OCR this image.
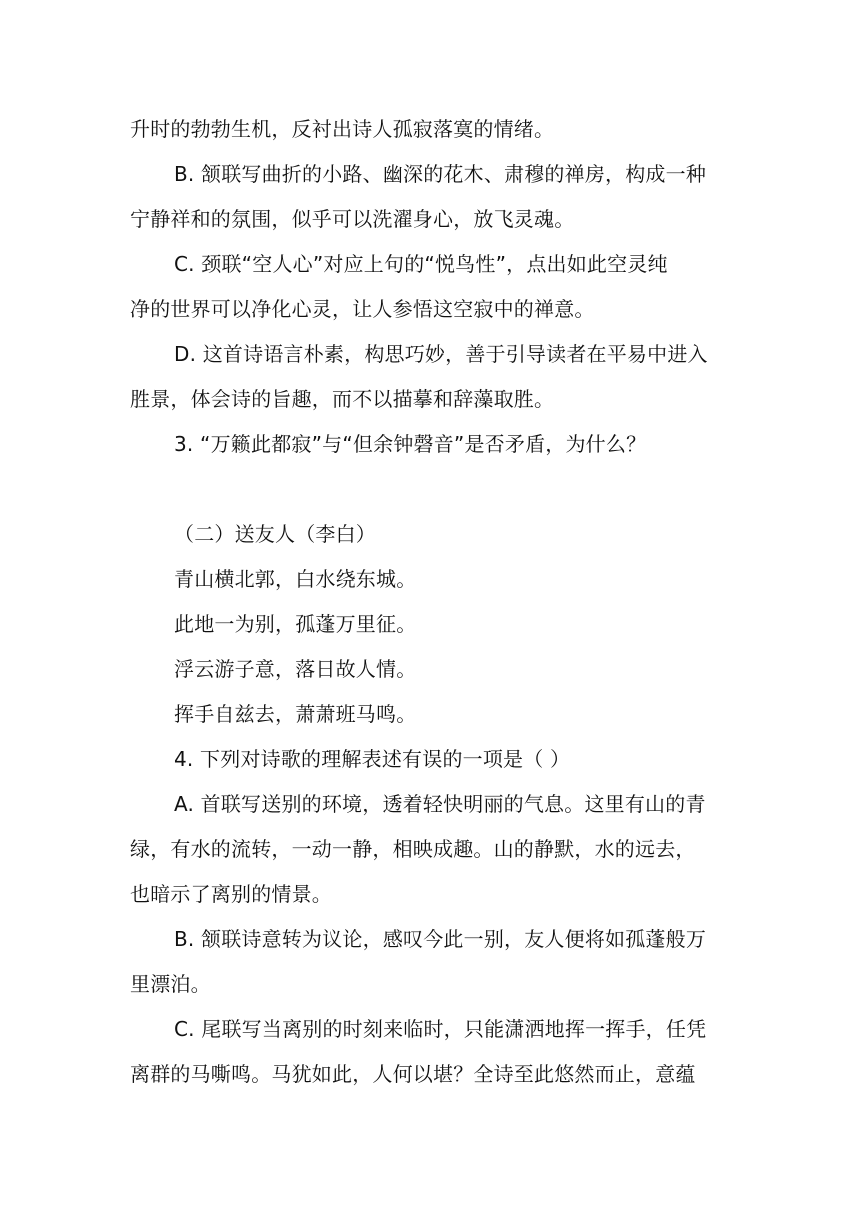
升时的勃勃生机，反衬出诗人孤寂落寞的情绪。
B. 颔联写曲折的小路、幽深的花木、肃穆的禅房，构成一种
宁静祥和的氛围，似乎可以洗濯身心，放飞灵魂。
C. 颈联“空人心”对应上句的“悦鸟性”，点出如此空灵纯
净的世界可以净化心灵，让人参悟这空寂中的禅意。
D. 这首诗语言朴素，构思巧妙，善于引导读者在平易中进入
胜景，体会诗的旨趣，而不以描摹和辞藻取胜。
3. “万籁此都寂”与“但余钟磬音”是否矛盾，为什么？
（二）送友人（李白）
青山横北郭，白水绕东城。
此地一为别，孤蓬万里征。
浮云游子意，落日故人情。
挥手自兹去，萧萧班马鸣。
4. 下列对诗歌的理解表述有误的一项是（ ）
A. 首联写送别的环境，透着轻快明丽的气息。这里有山的青
绿，有水的流转，一动一静，相映成趣。山的静默，水的远去，
也暗示了离别的情景。
B. 颔联诗意转为议论，感叹今此一别，友人便将如孤蓬般万
里漂泊。
C. 尾联写当离别的时刻来临时，只能潇洒地挥一挥手，任凭
离群的马嘶鸣。马犹如此，人何以堪？全诗至此悠然而止，意蕴
